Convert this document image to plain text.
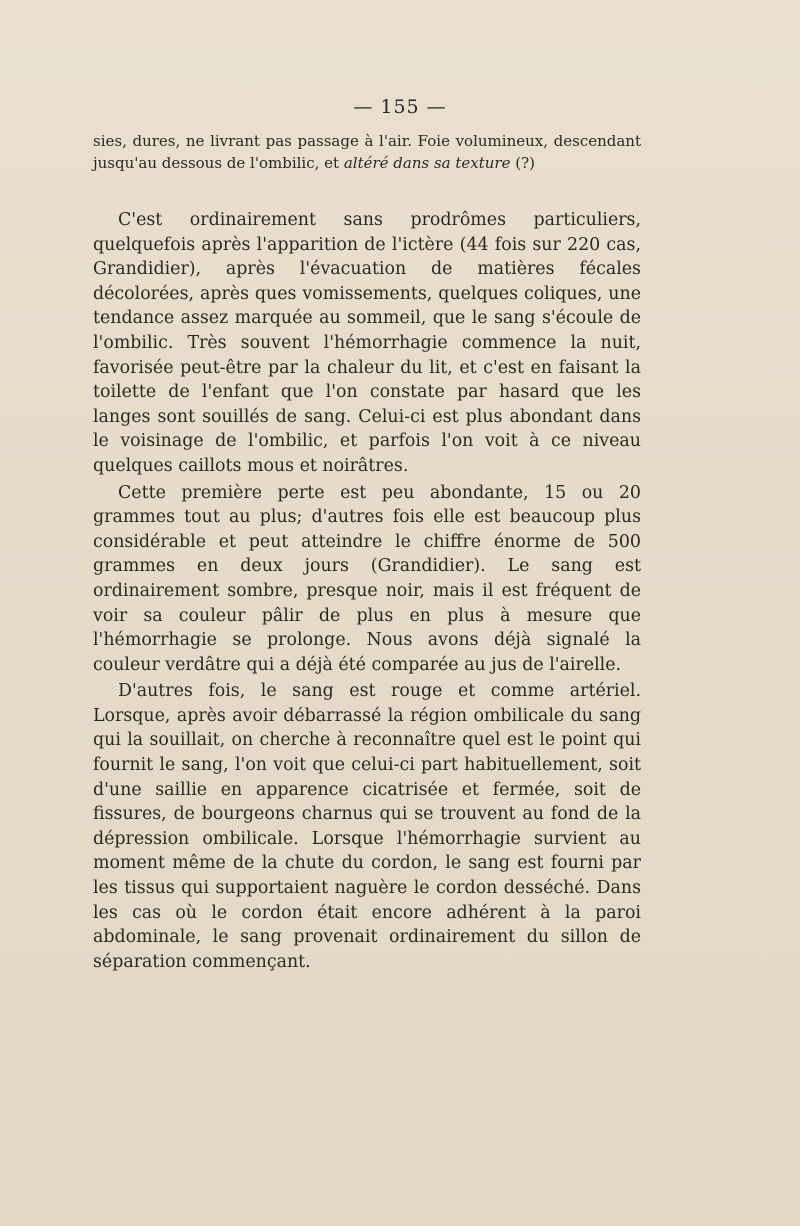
— 155 —

sies, dures, ne livrant pas passage à l'air. Foie volumineux, descendant jusqu'au dessous de l'ombilic, et altéré dans sa texture (?)

C'est ordinairement sans prodrômes particuliers, quelquefois après l'apparition de l'ictère (44 fois sur 220 cas, Grandidier), après l'évacuation de matières fécales décolorées, après ques vomissements, quelques coliques, une tendance assez marquée au sommeil, que le sang s'écoule de l'ombilic. Très souvent l'hémorrhagie commence la nuit, favorisée peut-être par la chaleur du lit, et c'est en faisant la toilette de l'enfant que l'on constate par hasard que les langes sont souillés de sang. Celui-ci est plus abondant dans le voisinage de l'ombilic, et parfois l'on voit à ce niveau quelques caillots mous et noirâtres.

Cette première perte est peu abondante, 15 ou 20 grammes tout au plus; d'autres fois elle est beaucoup plus considérable et peut atteindre le chiffre énorme de 500 grammes en deux jours (Grandidier). Le sang est ordinairement sombre, presque noir, mais il est fréquent de voir sa couleur pâlir de plus en plus à mesure que l'hémorrhagie se prolonge. Nous avons déjà signalé la couleur verdâtre qui a déjà été comparée au jus de l'airelle.

D'autres fois, le sang est rouge et comme artériel. Lorsque, après avoir débarrassé la région ombilicale du sang qui la souillait, on cherche à reconnaître quel est le point qui fournit le sang, l'on voit que celui-ci part habituellement, soit d'une saillie en apparence cicatrisée et fermée, soit de fissures, de bourgeons charnus qui se trouvent au fond de la dépression ombilicale. Lorsque l'hémorrhagie survient au moment même de la chute du cordon, le sang est fourni par les tissus qui supportaient naguère le cordon desséché. Dans les cas où le cordon était encore adhérent à la paroi abdominale, le sang provenait ordinairement du sillon de séparation commençant.
